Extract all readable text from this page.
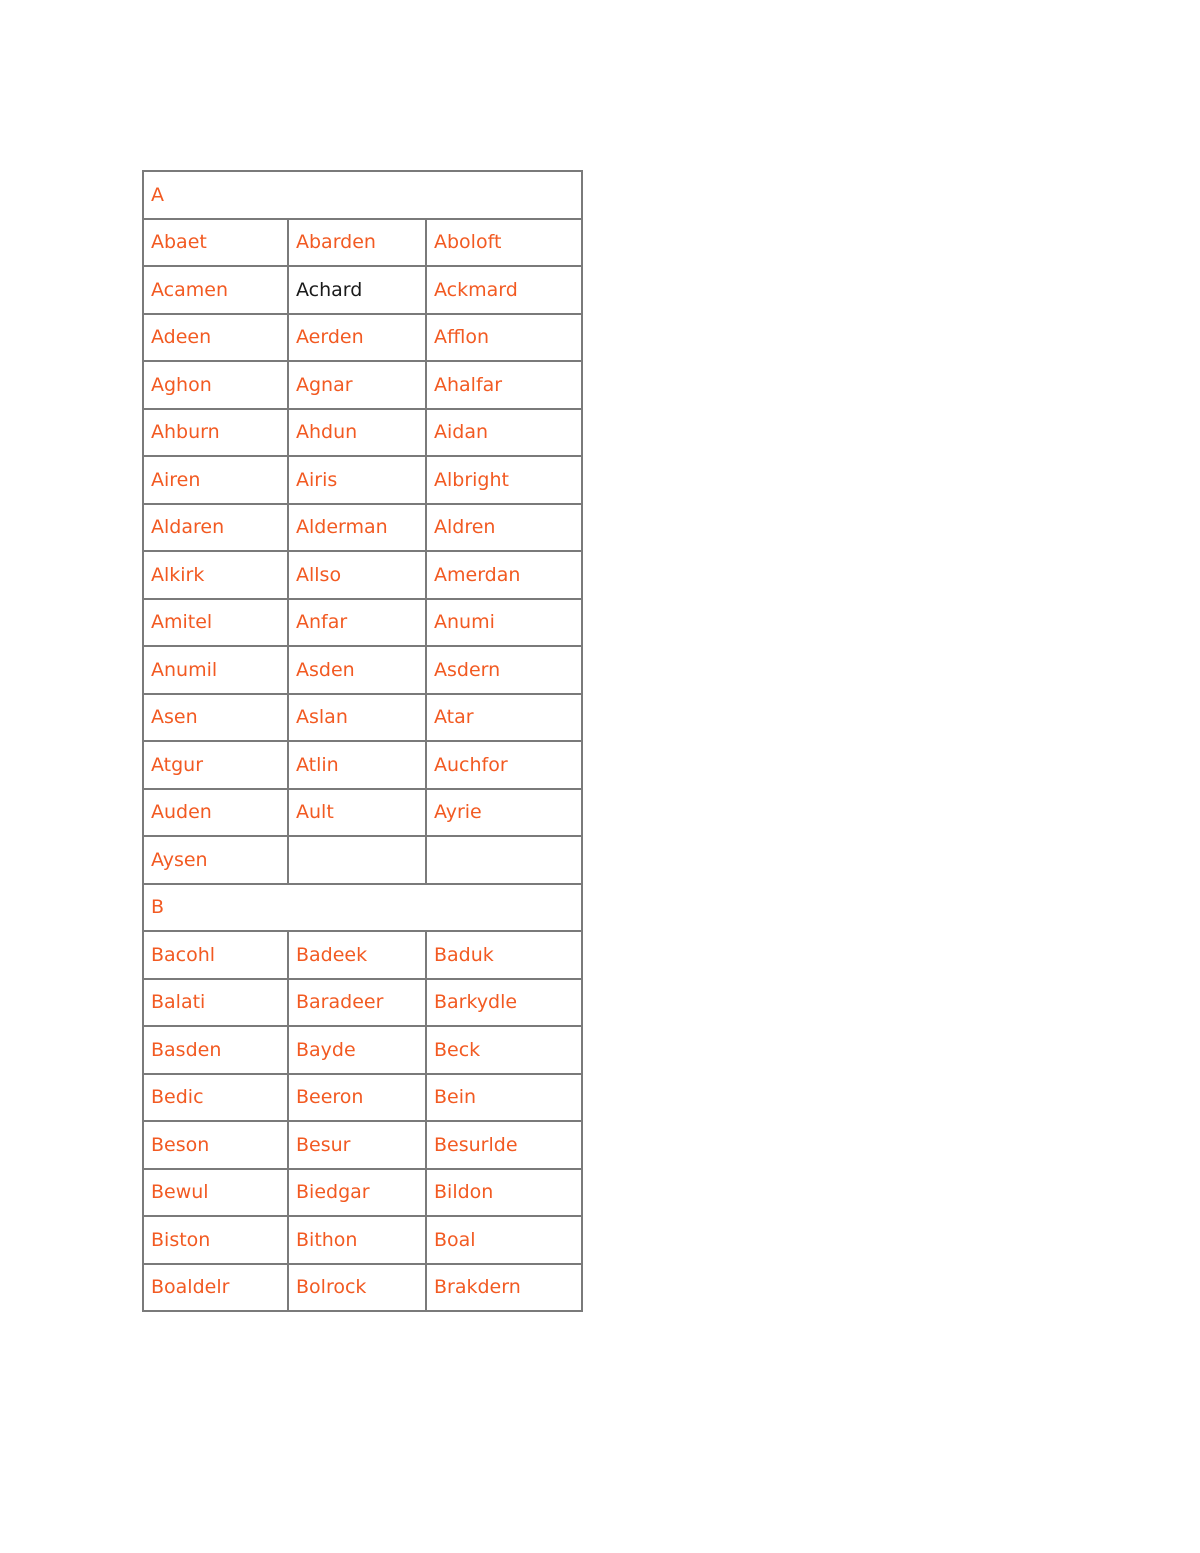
A		
Abaet	Abarden	Aboloft
Acamen	Achard	Ackmard
Adeen	Aerden	Afflon
Aghon	Agnar	Ahalfar
Ahburn	Ahdun	Aidan
Airen	Airis	Albright
Aldaren	Alderman	Aldren
Alkirk	Allso	Amerdan
Amitel	Anfar	Anumi
Anumil	Asden	Asdern
Asen	Aslan	Atar
Atgur	Atlin	Auchfor
Auden	Ault	Ayrie
Aysen		
B		
Bacohl	Badeek	Baduk
Balati	Baradeer	Barkydle
Basden	Bayde	Beck
Bedic	Beeron	Bein
Beson	Besur	Besurlde
Bewul	Biedgar	Bildon
Biston	Bithon	Boal
Boaldelr	Bolrock	Brakdern
